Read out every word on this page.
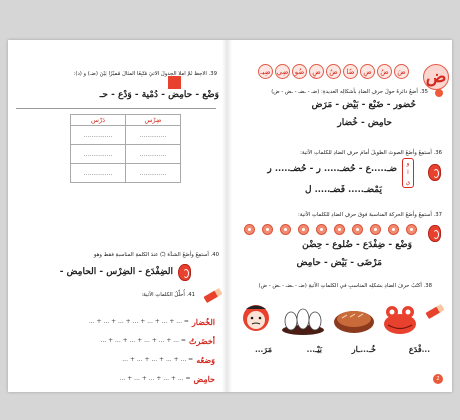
39. أُلاحِظُ ثُمَّ أملأُ الجدولَ الآتيَ مُتَّبِعًا المثالَ مُميِّزًا بَيْنَ (ضـ) و (د):
وَضْع - حامِض - دُمْية - وَدْع - حـ
ضِرْس	دَرْس
..............	...............
..............	...............
..............	...............
40. أستمِعُ وأضَعُ الشدَّةَ (ـّ) عندَ الكلمةِ المناسبةِ فقط وهو
الضِفْدَع - الضِرْس - الحامِض -
41. أُحلِّلُ الكلماتِ الآتيةَ:
الخُضار
= ... + ... + ... + ... + ... + ... + ...
أخضَرتُ
= ... + ... + ... + ... + ... + ...
وَضعُه
= ... + ... + ... + ... + ...
حامِض
= ... + ... + ... + ... + ...
ض
ضَ
ضُ
ضِ
ضًا
ضٌ
ضٍ
ضُو
ضِي
ضِيـ
35. أضعُ دائرةً حولَ حرفِ الضادِ بأشكالِه العديدةِ: (ضـ - ـضـ - ـض - ض)
حُضور - ضَبْع - بَيْض - مَرَض
حامِض - خُضار
36. أستمِعُ وأضَعُ الصوتَ الطويلَ أمامَ حرفِ الضادِ للكلماتِ الآتية:
و
ا
ي
ضـ.....ع - حُضـ..... ر - حُضـ..... ر
يَمْضـ..... فَضـ..... ل
37. أستمِعُ وأضَعُ الحركةَ المناسبةَ فوقَ حرفِ الضادِ للكلماتِ الآتية:
وَضْع - ضِفْدَع - ضُلوع - حِضْن
مَرْضَى - بَيْض - حامِض
38. أكتُبُ حرفَ الضادِ بشكلِه المناسبِ في الكلماتِ الآتيةِ (ضـ - ـضـ - ـض - ض)
...فْدَع
خُـ...ـار
بَيْـ...
مَرَ...
2
